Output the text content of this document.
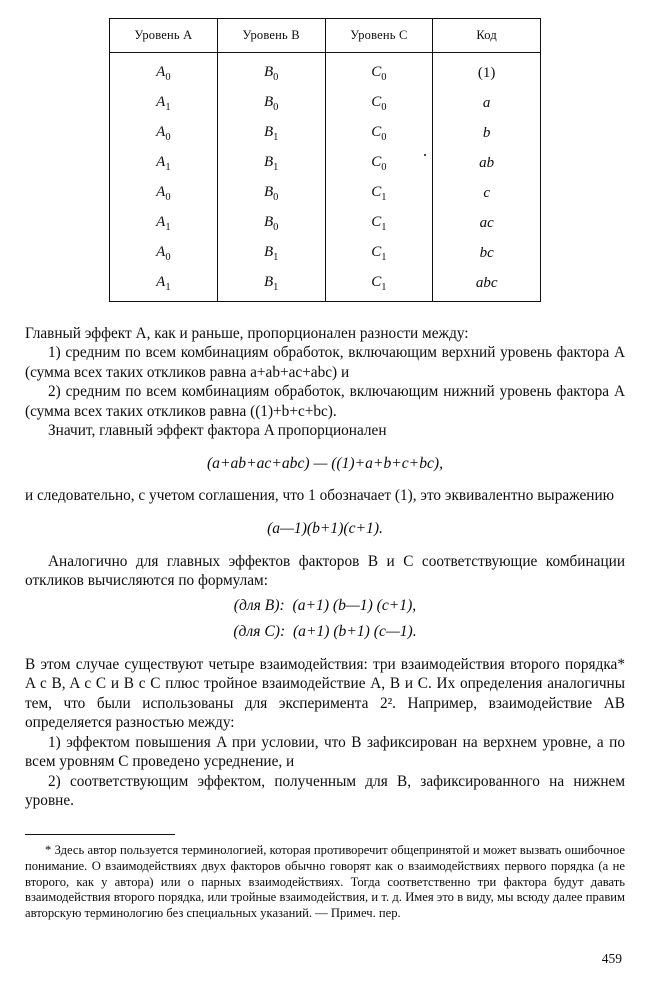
Уровень A	Уровень B	Уровень C	Код
$A_0$	$B_0$	$C_0$	(1)
$A_1$	$B_0$	$C_0$	a
$A_0$	$B_1$	$C_0$	b
$A_1$	$B_1$	$C_0$	ab
$A_0$	$B_0$	$C_1$	c
$A_1$	$B_0$	$C_1$	ac
$A_0$	$B_1$	$C_1$	bc
$A_1$	$B_1$	$C_1$	abc

Главный эффект A, как и раньше, пропорционален разности между:

1) средним по всем комбинациям обработок, включающим верхний уровень фактора A (сумма всех таких откликов равна a+ab+ac+abc) и

2) средним по всем комбинациям обработок, включающим нижний уровень фактора A (сумма всех таких откликов равна ((1)+b+c+bc).

Значит, главный эффект фактора A пропорционален

(a+ab+ac+abc) — ((1)+a+b+c+bc),

и следовательно, с учетом соглашения, что 1 обозначает (1), это эквивалентно выражению

(a—1)(b+1)(c+1).

Аналогично для главных эффектов факторов B и C соответствующие комбинации откликов вычисляются по формулам:

(для B): (a+1) (b—1) (c+1),

(для C): (a+1) (b+1) (c—1).

В этом случае существуют четыре взаимодействия: три взаимодействия второго порядка* A с B, A с C и B с C плюс тройное взаимодействие A, B и C. Их определения аналогичны тем, что были использованы для эксперимента 2². Например, взаимодействие AB определяется разностью между:

1) эффектом повышения A при условии, что B зафиксирован на верхнем уровне, а по всем уровням C проведено усреднение, и

2) соответствующим эффектом, полученным для B, зафиксированного на нижнем уровне.

* Здесь автор пользуется терминологией, которая противоречит общепринятой и может вызвать ошибочное понимание. О взаимодействиях двух факторов обычно говорят как о взаимодействиях первого порядка (а не второго, как у автора) или о парных взаимодействиях. Тогда соответственно три фактора будут давать взаимодействия второго порядка, или тройные взаимодействия, и т. д. Имея это в виду, мы всюду далее правим авторскую терминологию без специальных указаний. — Примеч. пер.

459
